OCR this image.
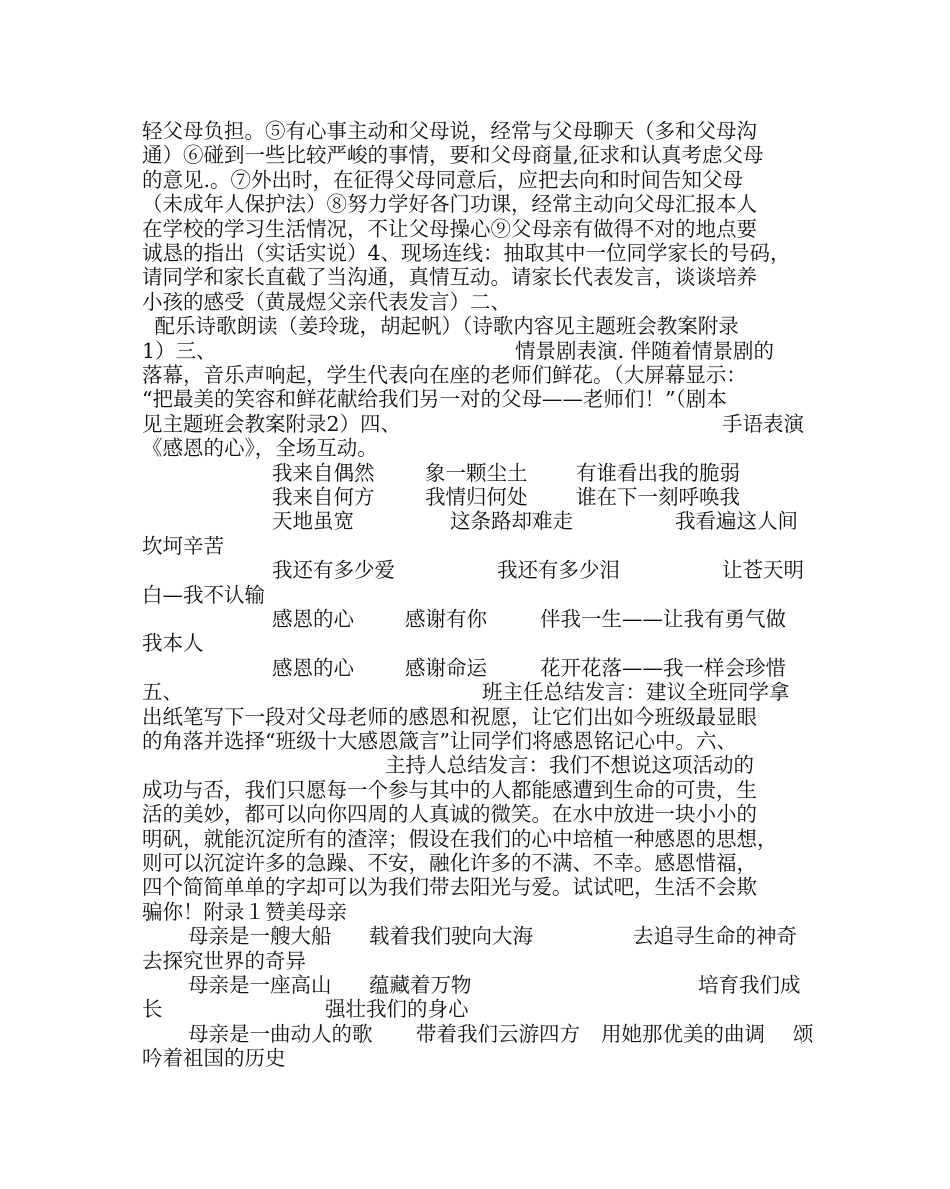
轻父母负担。⑤有心事主动和父母说，经常与父母聊天（多和父母沟
通）⑥碰到一些比较严峻的事情，要和父母商量,征求和认真考虑父母
的意见.。⑦外出时，在征得父母同意后，应把去向和时间告知父母
（未成年人保护法）⑧努力学好各门功课，经常主动向父母汇报本人
在学校的学习生活情况，不让父母操心⑨父母亲有做得不对的地点要
诚恳的指出（实话实说）4、现场连线：抽取其中一位同学家长的号码，
请同学和家长直截了当沟通，真情互动。请家长代表发言，谈谈培养
小孩的感受（黄晟煜父亲代表发言）二、
配乐诗歌朗读（姜玲珑，胡起帆）（诗歌内容见主题班会教案附录
1）三、	情景剧表演. 伴随着情景剧的
落幕，音乐声响起，学生代表向在座的老师们鲜花。（大屏幕显示：
“把最美的笑容和鲜花献给我们另一对的父母——老师们！”（剧本
见主题班会教案附录2）四、	手语表演
《感恩的心》，全场互动。
我来自偶然 象一颗尘土 有谁看出我的脆弱
我来自何方 我情归何处 谁在下一刻呼唤我
天地虽宽	这条路却难走	我看遍这人间
坎坷辛苦
我还有多少爱	我还有多少泪	让苍天明
白—我不认输
感恩的心 感谢有你	伴我一生——让我有勇气做
我本人
感恩的心 感谢命运	花开花落——我一样会珍惜
五、	班主任总结发言：建议全班同学拿
出纸笔写下一段对父母老师的感恩和祝愿，让它们出如今班级最显眼
的角落并选择“班级十大感恩箴言”让同学们将感恩铭记心中。六、
主持人总结发言：我们不想说这项活动的
成功与否，我们只愿每一个参与其中的人都能感遭到生命的可贵，生
活的美妙，都可以向你四周的人真诚的微笑。在水中放进一块小小的
明矾，就能沉淀所有的渣滓；假设在我们的心中培植一种感恩的思想，
则可以沉淀许多的急躁、不安，融化许多的不满、不幸。感恩惜福，
四个简简单单的字却可以为我们带去阳光与爱。试试吧，生活不会欺
骗你！附录１赞美母亲
母亲是一艘大船 载着我们驶向大海	去追寻生命的神奇
去探究世界的奇异
母亲是一座高山 蕴藏着万物	培育我们成
长	强壮我们的身心
母亲是一曲动人的歌 带着我们云游四方 用她那优美的曲调 颂
吟着祖国的历史
